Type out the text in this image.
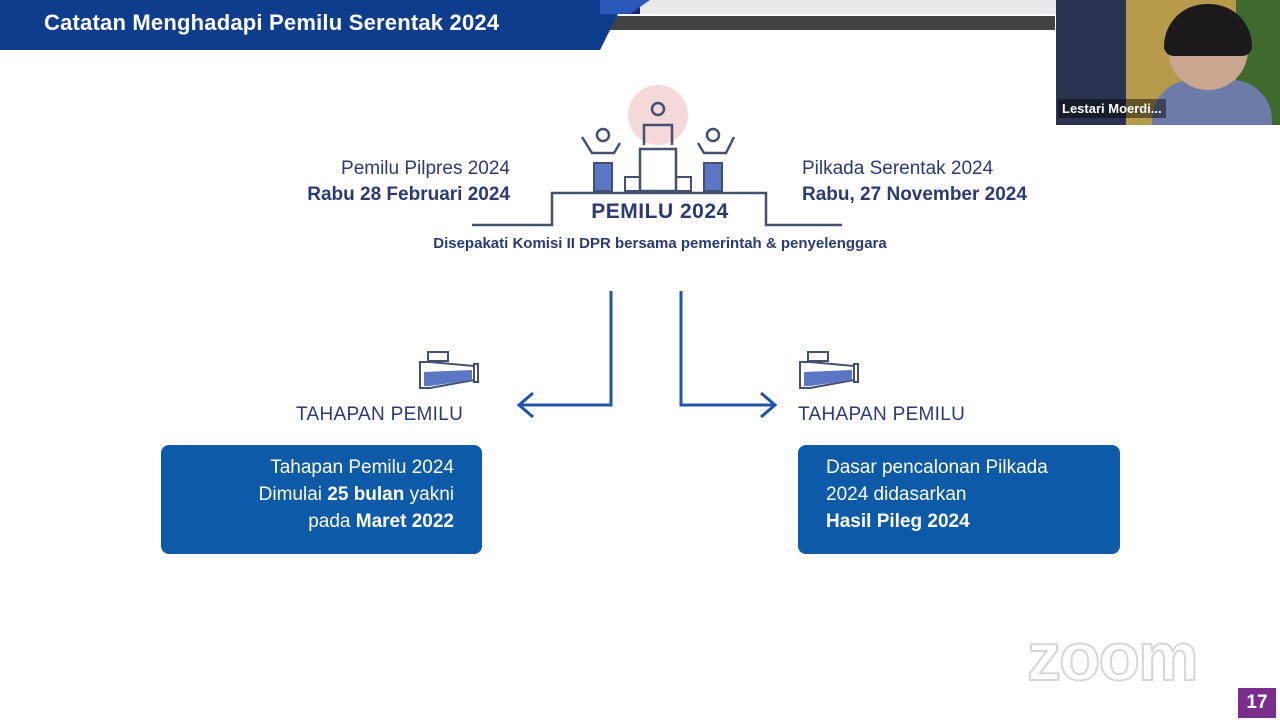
Catatan Menghadapi Pemilu Serentak 2024
Lestari Moerdi...
Pemilu Pilpres 2024
Rabu 28 Februari 2024
Pilkada Serentak 2024
Rabu, 27 November 2024
PEMILU 2024
Disepakati Komisi II DPR bersama pemerintah & penyelenggara
TAHAPAN PEMILU	TAHAPAN PEMILU
Tahapan Pemilu 2024
Dimulai 25 bulan yakni
pada Maret 2022
Dasar pencalonan Pilkada
2024 didasarkan
Hasil Pileg 2024
zoom
17
